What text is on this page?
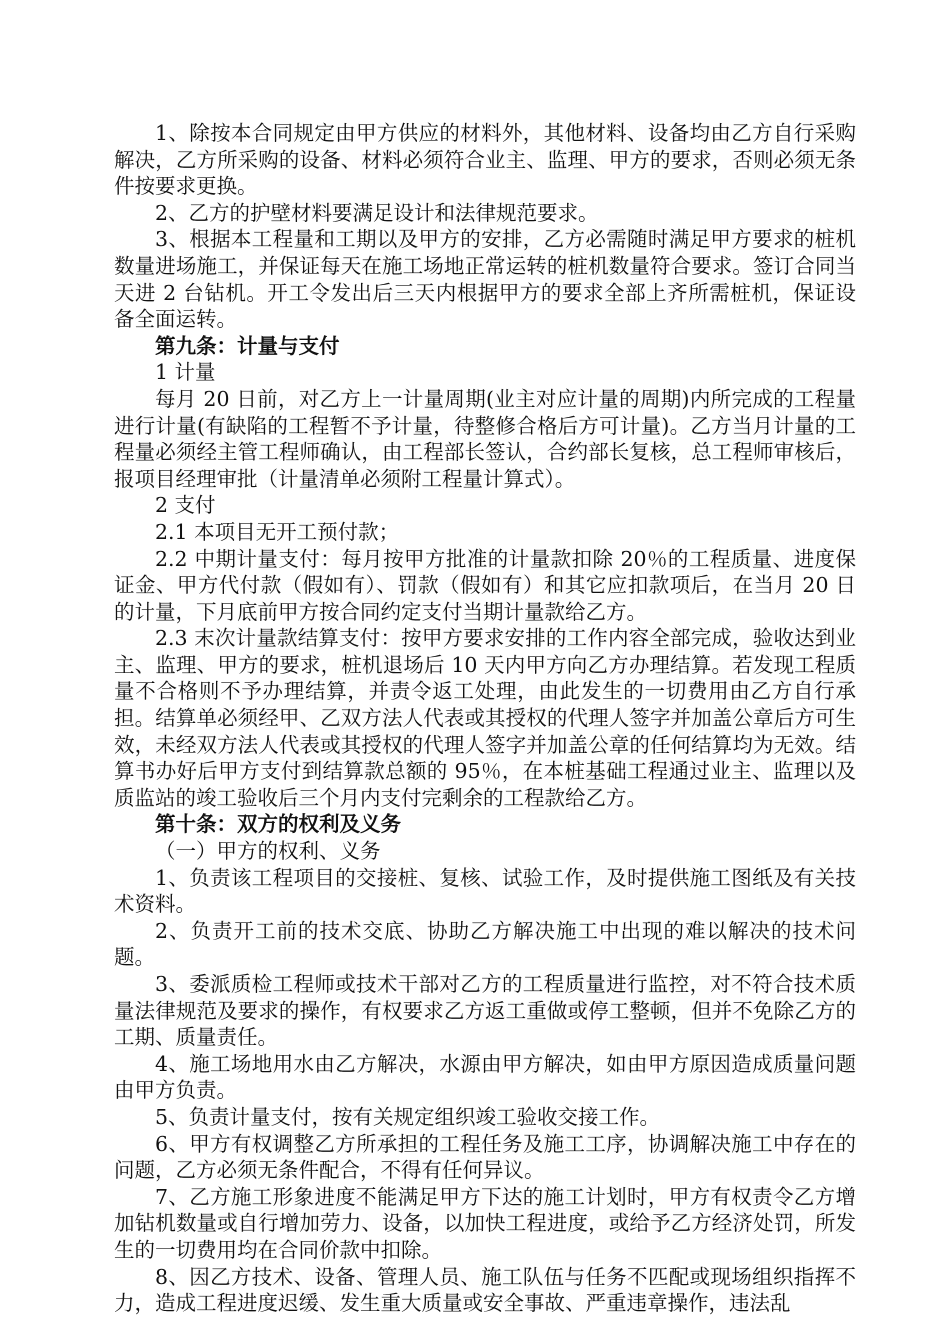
1、除按本合同规定由甲方供应的材料外，其他材料、设备均由乙方自行采购解决，乙方所采购的设备、材料必须符合业主、监理、甲方的要求，否则必须无条件按要求更换。

2、乙方的护壁材料要满足设计和法律规范要求。

3、根据本工程量和工期以及甲方的安排，乙方必需随时满足甲方要求的桩机数量进场施工，并保证每天在施工场地正常运转的桩机数量符合要求。签订合同当天进 2 台钻机。开工令发出后三天内根据甲方的要求全部上齐所需桩机，保证设备全面运转。

第九条：计量与支付

1 计量

每月 20 日前，对乙方上一计量周期(业主对应计量的周期)内所完成的工程量进行计量(有缺陷的工程暂不予计量，待整修合格后方可计量)。乙方当月计量的工程量必须经主管工程师确认，由工程部长签认，合约部长复核，总工程师审核后，报项目经理审批（计量清单必须附工程量计算式）。

2 支付

2.1 本项目无开工预付款；

2.2 中期计量支付：每月按甲方批准的计量款扣除 20％的工程质量、进度保证金、甲方代付款（假如有）、罚款（假如有）和其它应扣款项后，在当月 20 日的计量，下月底前甲方按合同约定支付当期计量款给乙方。

2.3 末次计量款结算支付：按甲方要求安排的工作内容全部完成，验收达到业主、监理、甲方的要求，桩机退场后 10 天内甲方向乙方办理结算。若发现工程质量不合格则不予办理结算，并责令返工处理，由此发生的一切费用由乙方自行承担。结算单必须经甲、乙双方法人代表或其授权的代理人签字并加盖公章后方可生效，未经双方法人代表或其授权的代理人签字并加盖公章的任何结算均为无效。结算书办好后甲方支付到结算款总额的 95％，在本桩基础工程通过业主、监理以及质监站的竣工验收后三个月内支付完剩余的工程款给乙方。

第十条：双方的权利及义务

（一）甲方的权利、义务

1、负责该工程项目的交接桩、复核、试验工作，及时提供施工图纸及有关技术资料。

2、负责开工前的技术交底、协助乙方解决施工中出现的难以解决的技术问题。

3、委派质检工程师或技术干部对乙方的工程质量进行监控，对不符合技术质量法律规范及要求的操作，有权要求乙方返工重做或停工整顿，但并不免除乙方的工期、质量责任。

4、施工场地用水由乙方解决，水源由甲方解决，如由甲方原因造成质量问题由甲方负责。

5、负责计量支付，按有关规定组织竣工验收交接工作。

6、甲方有权调整乙方所承担的工程任务及施工工序，协调解决施工中存在的问题，乙方必须无条件配合，不得有任何异议。

7、乙方施工形象进度不能满足甲方下达的施工计划时，甲方有权责令乙方增加钻机数量或自行增加劳力、设备，以加快工程进度，或给予乙方经济处罚，所发生的一切费用均在合同价款中扣除。

8、因乙方技术、设备、管理人员、施工队伍与任务不匹配或现场组织指挥不力，造成工程进度迟缓、发生重大质量或安全事故、严重违章操作，违法乱
